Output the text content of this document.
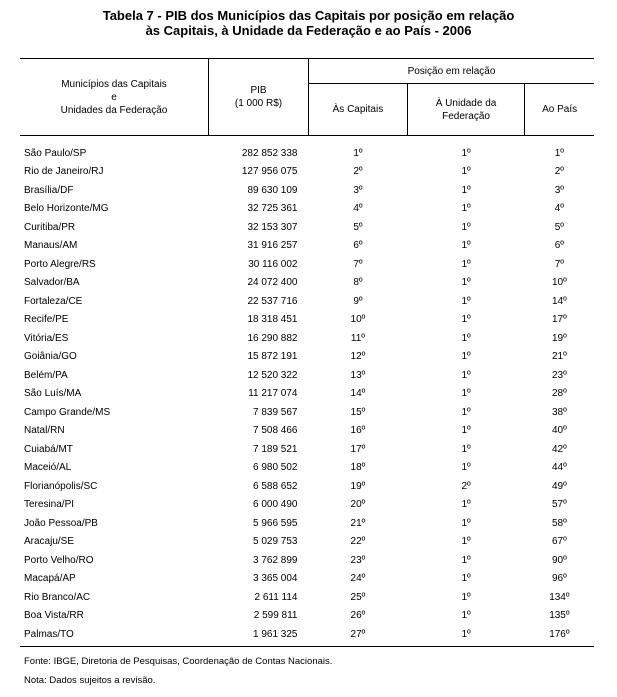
Tabela 7 - PIB dos Municípios das Capitais por posição em relação
às Capitais, à Unidade da Federação e ao País - 2006
Municípios das Capitais
e
Unidades da Federação	PIB
(1 000 R$)	Posição em relação		
		Às Capitais	À Unidade da
Federação	Ao País

São Paulo/SP	282 852 338	1º	1º	1º
Rio de Janeiro/RJ	127 956 075	2º	1º	2º
Brasília/DF	89 630 109	3º	1º	3º
Belo Horizonte/MG	32 725 361	4º	1º	4º
Curitiba/PR	32 153 307	5º	1º	5º
Manaus/AM	31 916 257	6º	1º	6º
Porto Alegre/RS	30 116 002	7º	1º	7º
Salvador/BA	24 072 400	8º	1º	10º
Fortaleza/CE	22 537 716	9º	1º	14º
Recife/PE	18 318 451	10º	1º	17º
Vitória/ES	16 290 882	11º	1º	19º
Goiânia/GO	15 872 191	12º	1º	21º
Belém/PA	12 520 322	13º	1º	23º
São Luís/MA	11 217 074	14º	1º	28º
Campo Grande/MS	7 839 567	15º	1º	38º
Natal/RN	7 508 466	16º	1º	40º
Cuiabá/MT	7 189 521	17º	1º	42º
Maceió/AL	6 980 502	18º	1º	44º
Florianópolis/SC	6 588 652	19º	2º	49º
Teresina/PI	6 000 490	20º	1º	57º
João Pessoa/PB	5 966 595	21º	1º	58º
Aracaju/SE	5 029 753	22º	1º	67º
Porto Velho/RO	3 762 899	23º	1º	90º
Macapá/AP	3 365 004	24º	1º	96º
Rio Branco/AC	2 611 114	25º	1º	134º
Boa Vista/RR	2 599 811	26º	1º	135º
Palmas/TO	1 961 325	27º	1º	176º
Fonte: IBGE, Diretoria de Pesquisas, Coordenação de Contas Nacionais.
Nota: Dados sujeitos a revisão.
